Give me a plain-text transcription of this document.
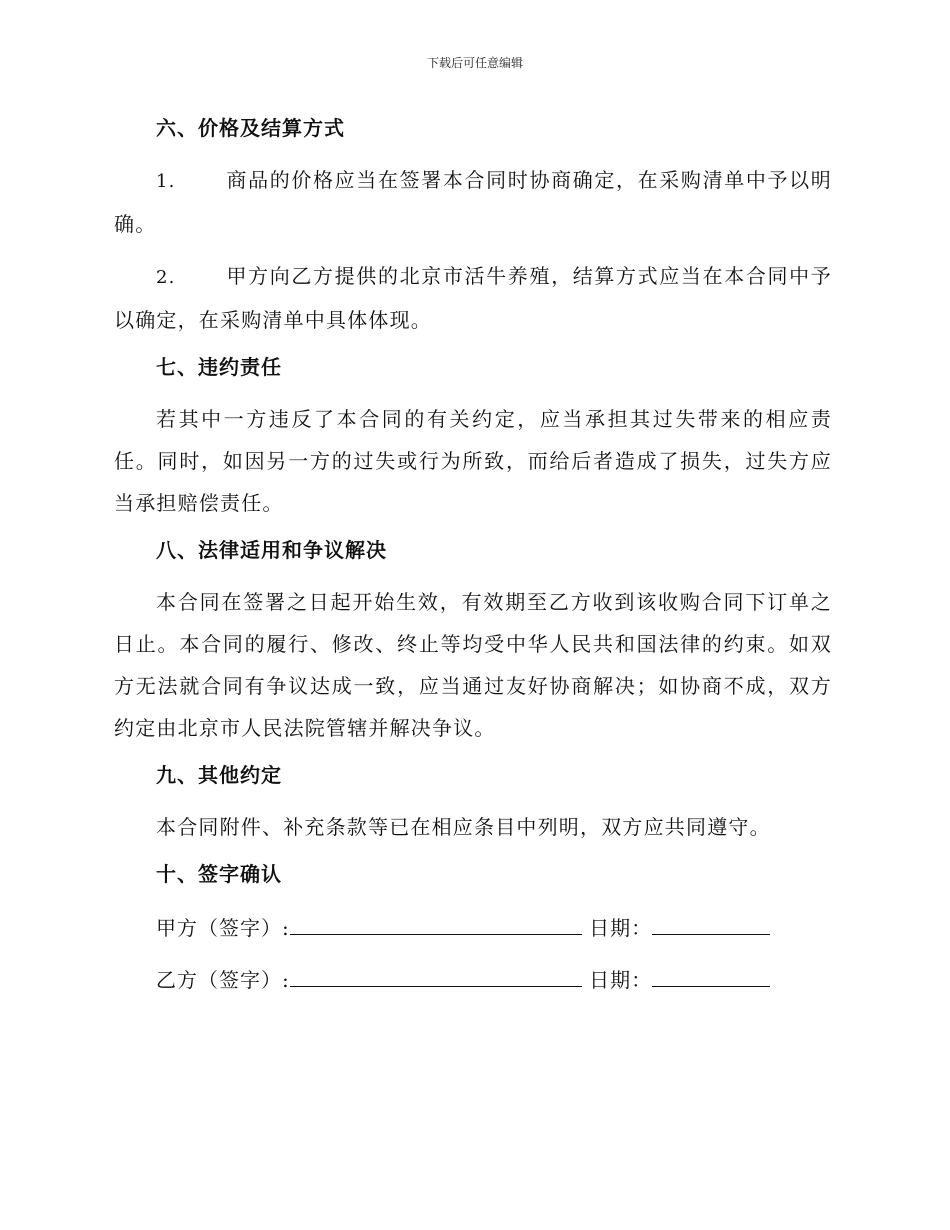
下载后可任意编辑
六、价格及结算方式

1.	商品的价格应当在签署本合同时协商确定，在采购清单中予以明确。

2.	甲方向乙方提供的北京市活牛养殖，结算方式应当在本合同中予以确定，在采购清单中具体体现。

七、违约责任

若其中一方违反了本合同的有关约定，应当承担其过失带来的相应责任。同时，如因另一方的过失或行为所致，而给后者造成了损失，过失方应当承担赔偿责任。

八、法律适用和争议解决

本合同在签署之日起开始生效，有效期至乙方收到该收购合同下订单之日止。本合同的履行、修改、终止等均受中华人民共和国法律的约束。如双方无法就合同有争议达成一致，应当通过友好协商解决；如协商不成，双方约定由北京市人民法院管辖并解决争议。

九、其他约定

本合同附件、补充条款等已在相应条目中列明，双方应共同遵守。

十、签字确认
甲方（签字）:	日期：
乙方（签字）:	日期：
